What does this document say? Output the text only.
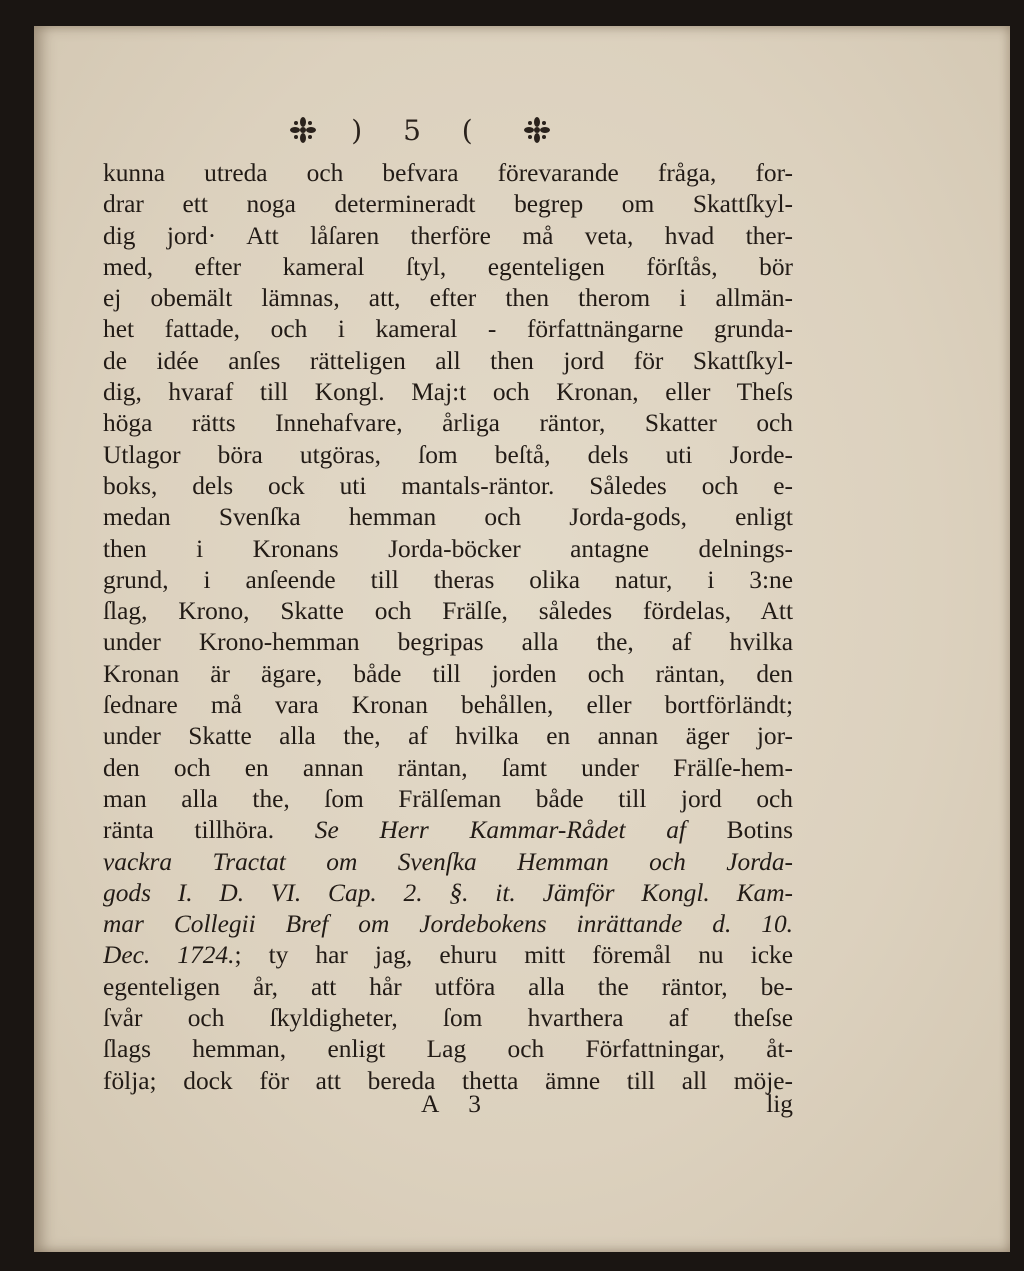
) 5 (
kunna utreda och befvara förevarande fråga, for-
drar ett noga determineradt begrep om Skattſkyl-
dig jord· Att låſaren therföre må veta, hvad ther-
med, efter kameral ſtyl, egenteligen förſtås, bör
ej obemält lämnas, att, efter then therom i allmän-
het fattade, och i kameral - författnängarne grunda-
de idée anſes rätteligen all then jord för Skattſkyl-
dig, hvaraf till Kongl. Maj:t och Kronan, eller Theſs
höga rätts Innehafvare, årliga räntor, Skatter och
Utlagor böra utgöras, ſom beſtå, dels uti Jorde-
boks, dels ock uti mantals-räntor. Således och e-
medan Svenſka hemman och Jorda-gods, enligt
then i Kronans Jorda-böcker antagne delnings-
grund, i anſeende till theras olika natur, i 3:ne
ſlag, Krono, Skatte och Frälſe, således fördelas, Att
under Krono-hemman begripas alla the, af hvilka
Kronan är ägare, både till jorden och räntan, den
ſednare må vara Kronan behållen, eller bortförländt;
under Skatte alla the, af hvilka en annan äger jor-
den och en annan räntan, ſamt under Frälſe-hem-
man alla the, ſom Frälſeman både till jord och
ränta tillhöra. Se Herr Kammar-Rådet af Botins
vackra Tractat om Svenſka Hemman och Jorda-
gods I. D. VI. Cap. 2. §. it. Jämför Kongl. Kam-
mar Collegii Bref om Jordebokens inrättande d. 10.
Dec. 1724.; ty har jag, ehuru mitt föremål nu icke
egenteligen år, att hår utföra alla the räntor, be-
ſvår och ſkyldigheter, ſom hvarthera af theſse
ſlags hemman, enligt Lag och Författningar, åt-
följa; dock för att bereda thetta ämne till all möje-
A 3	lig
